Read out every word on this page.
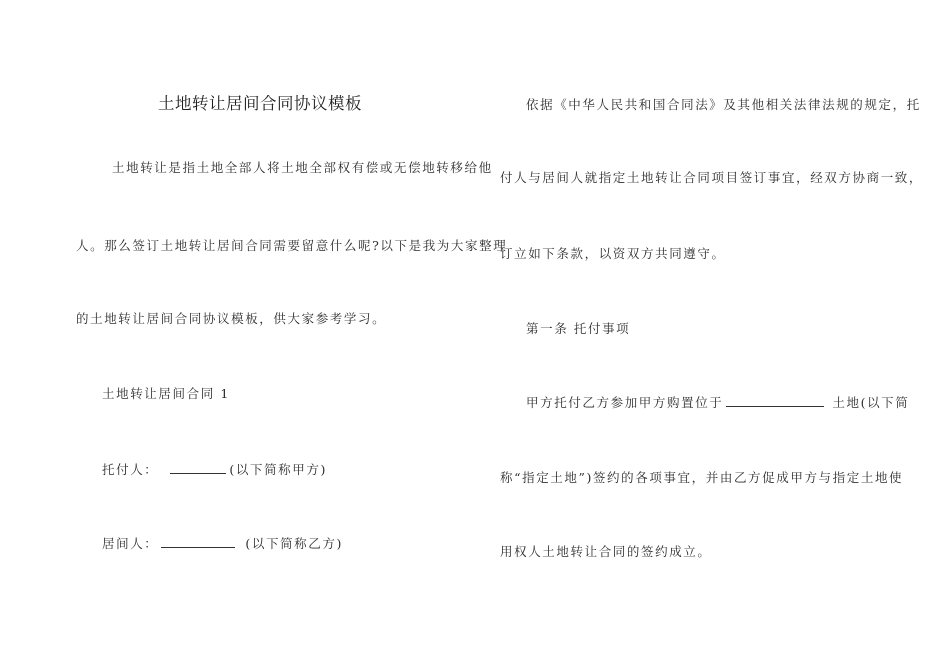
土地转让居间合同协议模板
土地转让是指土地全部人将土地全部权有偿或无偿地转移给他
人。那么签订土地转让居间合同需要留意什么呢?以下是我为大家整理
的土地转让居间合同协议模板，供大家参考学习。
土地转让居间合同 1
托付人：	(以下简称甲方)
居间人：	(以下简称乙方)
依据《中华人民共和国合同法》及其他相关法律法规的规定，托
付人与居间人就指定土地转让合同项目签订事宜，经双方协商一致，
订立如下条款，以资双方共同遵守。
第一条 托付事项
甲方托付乙方参加甲方购置位于	土地(以下简
称“指定土地”)签约的各项事宜，并由乙方促成甲方与指定土地使
用权人土地转让合同的签约成立。
